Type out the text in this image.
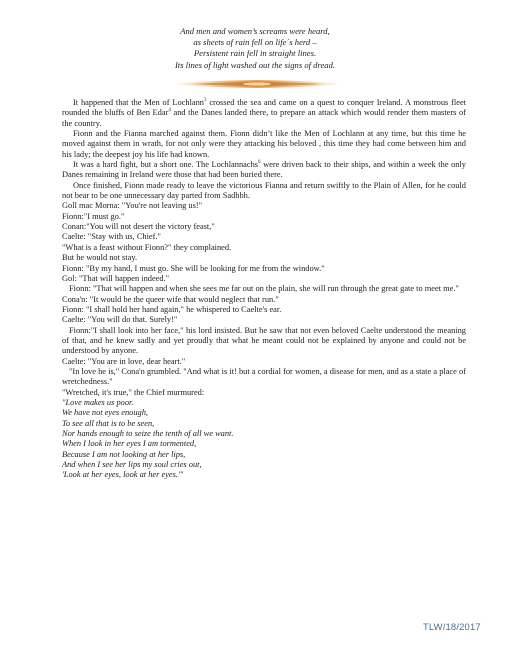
And men and women’s screams were heard,
as sheets of rain fell on life´s herd –
Persistent rain fell in straight lines.
Its lines of light washed out the signs of dread.

It happened that the Men of Lochlann$^3$ crossed the sea and came on a quest to conquer Ireland. A monstrous fleet rounded the bluffs of Ben Edar$^4$ and the Danes landed there, to prepare an attack which would render them masters of the country.

Fionn and the Fianna marched against them. Fionn didn’t like the Men of Lochlann at any time, but this time he moved against them in wrath, for not only were they attacking his beloved , this time they had come between him and his lady; the deepest joy his life had known.

It was a hard fight, but a short one. The Lochlannachs$^6$ were driven back to their ships, and within a week the only Danes remaining in Ireland were those that had been buried there.

Once finished, Fionn made ready to leave the victorious Fianna and return swiftly to the Plain of Allen, for he could not bear to be one unnecessary day parted from Sadhbh.

Goll mac Morna: "You're not leaving us!"

Fionn:"I must go."

Conan:"You will not desert the victory feast,"

Caelte: "Stay with us, Chief."

"What is a feast without Fionn?" they complained.

But he would not stay.

Fionn: "By my hand, I must go. She will be looking for me from the window."

Gol: "That will happen indeed."

Fionn: "That will happen and when she sees me far out on the plain, she will run through the great gate to meet me."

Cona'n: "It would be the queer wife that would neglect that run."

Fionn: "I shall hold her hand again," he whispered to Caelte's ear.

Caelte: "You will do that. Surely!"

Fionn:"I shall look into her face," his lord insisted. But he saw that not even beloved Caelte understood the meaning of that, and he knew sadly and yet proudly that what he meant could not be explained by anyone and could not be understood by anyone.

Caelte: "You are in love, dear heart."

"In love he is," Cona'n grumbled. "And what is it! but a cordial for women, a disease for men, and as a state a place of wretchedness."

"Wretched, it's true," the Chief murmured:

"Love makes us poor.
We have not eyes enough,
To see all that is to be seen,
Nor hands enough to seize the tenth of all we want.
When I look in her eyes I am tormented,
Because I am not looking at her lips,
And when I see her lips my soul cries out,
'Look at her eyes, look at her eyes.'"
TLW/18/2017
